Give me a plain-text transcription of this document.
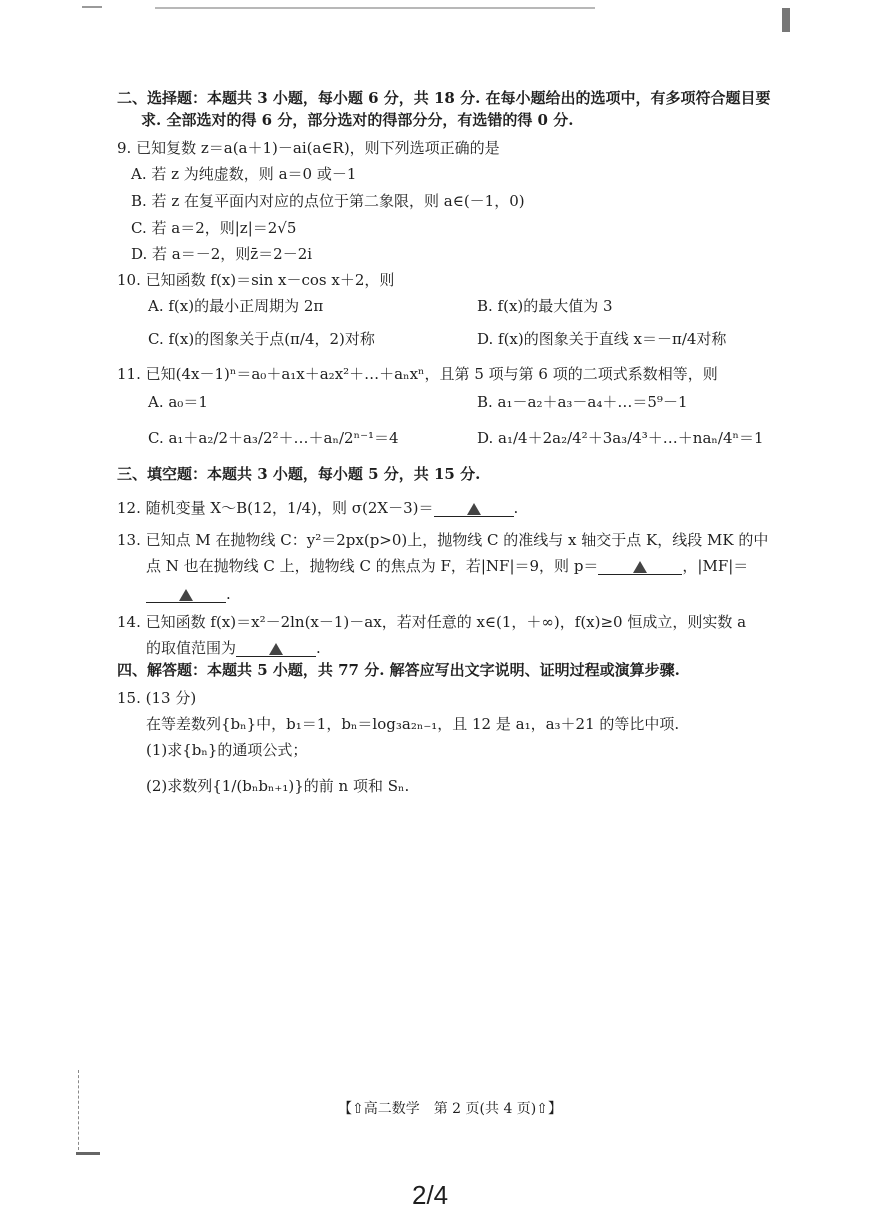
二、选择题：本题共 3 小题，每小题 6 分，共 18 分. 在每小题给出的选项中，有多项符合题目要
求. 全部选对的得 6 分，部分选对的得部分分，有选错的得 0 分.
9. 已知复数 z＝a(a＋1)－ai(a∈R)，则下列选项正确的是
A. 若 z 为纯虚数，则 a＝0 或－1
B. 若 z 在复平面内对应的点位于第二象限，则 a∈(－1，0)
C. 若 a＝2，则|z|＝2√5
D. 若 a＝－2，则z̄＝2－2i
10. 已知函数 f(x)＝sin x－cos x＋2，则
A. f(x)的最小正周期为 2π	B. f(x)的最大值为 3
C. f(x)的图象关于点(π/4，2)对称	D. f(x)的图象关于直线 x＝－π/4对称
11. 已知(4x－1)ⁿ＝a₀＋a₁x＋a₂x²＋…＋aₙxⁿ，且第 5 项与第 6 项的二项式系数相等，则
A. a₀＝1	B. a₁－a₂＋a₃－a₄＋…＝5⁹－1
C. a₁＋a₂/2＋a₃/2²＋…＋aₙ/2ⁿ⁻¹＝4	D. a₁/4＋2a₂/4²＋3a₃/4³＋…＋naₙ/4ⁿ＝1
三、填空题：本题共 3 小题，每小题 5 分，共 15 分.
12. 随机变量 X～B(12，1/4)，则 σ(2X－3)＝	.
13. 已知点 M 在抛物线 C：y²＝2px(p>0)上，抛物线 C 的准线与 x 轴交于点 K，线段 MK 的中
点 N 也在抛物线 C 上，抛物线 C 的焦点为 F，若|NF|＝9，则 p＝	，|MF|＝
.
14. 已知函数 f(x)＝x²－2ln(x－1)－ax，若对任意的 x∈(1，＋∞)，f(x)≥0 恒成立，则实数 a
的取值范围为	.
四、解答题：本题共 5 小题，共 77 分. 解答应写出文字说明、证明过程或演算步骤.
15. (13 分)
在等差数列{bₙ}中，b₁＝1，bₙ＝log₃a₂ₙ₋₁，且 12 是 a₁，a₃＋21 的等比中项.
(1)求{bₙ}的通项公式；
(2)求数列{1/(bₙbₙ₊₁)}的前 n 项和 Sₙ.
【⇧高二数学　第 2 页(共 4 页)⇧】
2/4
